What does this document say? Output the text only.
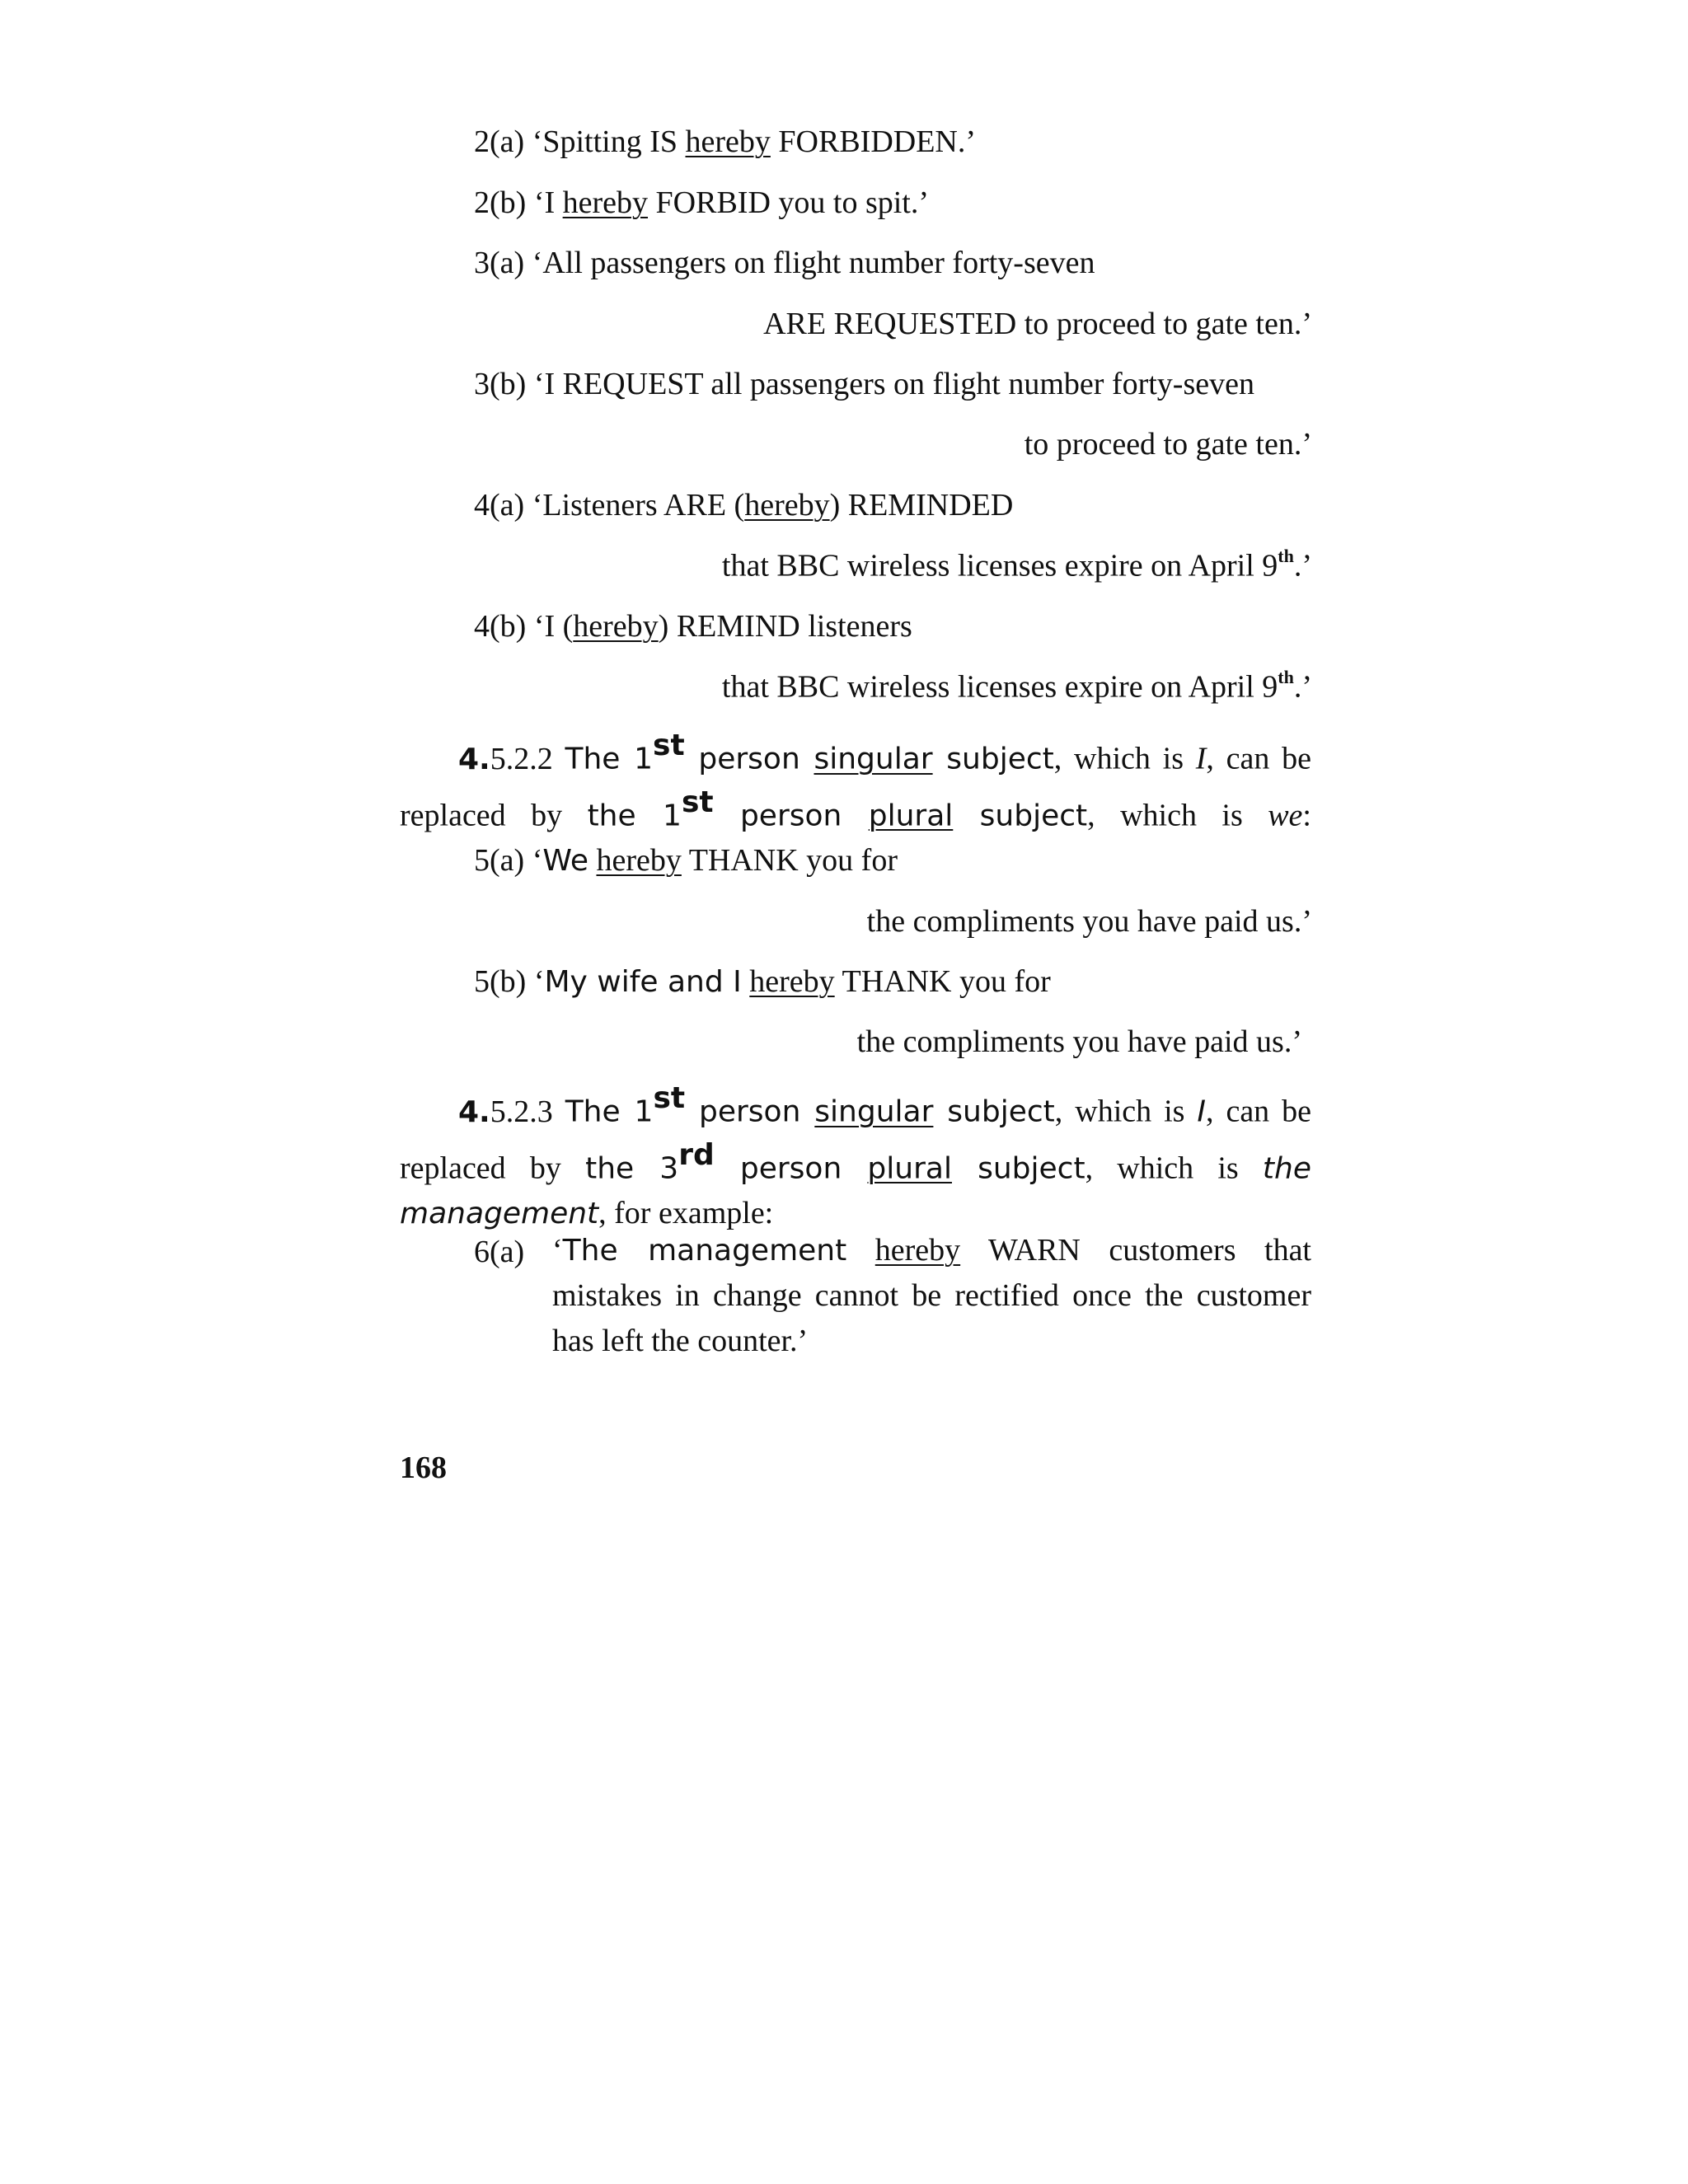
2(a) ‘Spitting IS hereby FORBIDDEN.’
2(b) ‘I hereby FORBID you to spit.’
3(a) ‘All passengers on flight number forty-seven
ARE REQUESTED to proceed to gate ten.’
3(b) ‘I REQUEST all passengers on flight number forty-seven
to proceed to gate ten.’
4(a) ‘Listeners ARE (hereby) REMINDED
that BBC wireless licenses expire on April 9th.’
4(b) ‘I (hereby) REMIND listeners
that BBC wireless licenses expire on April 9th.’
4.5.2.2 The 1st person singular subject, which is I, can be replaced by the 1st person plural subject, which is we:
5(a) ‘We hereby THANK you for
the compliments you have paid us.’
5(b) ‘My wife and I hereby THANK you for
the compliments you have paid us.’
4.5.2.3 The 1st person singular subject, which is I, can be replaced by the 3rd person plural subject, which is the management, for example:
6(a) ‘The management hereby WARN customers that mistakes in change cannot be rectified once the customer has left the counter.’
168
